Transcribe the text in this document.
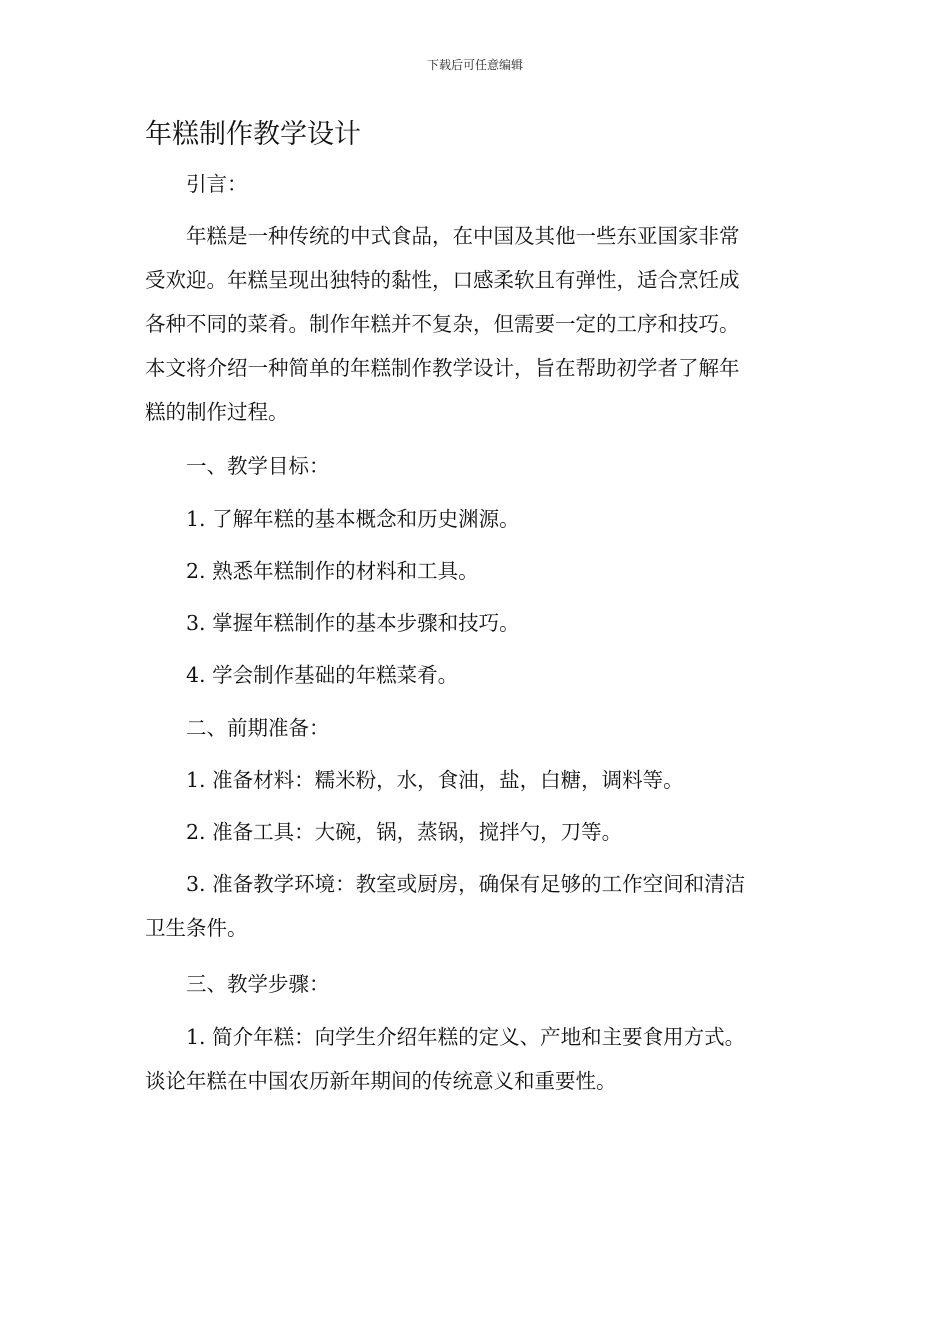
下载后可任意编辑
年糕制作教学设计

引言：

年糕是一种传统的中式食品，在中国及其他一些东亚国家非常
受欢迎。年糕呈现出独特的黏性，口感柔软且有弹性，适合烹饪成
各种不同的菜肴。制作年糕并不复杂，但需要一定的工序和技巧。
本文将介绍一种简单的年糕制作教学设计，旨在帮助初学者了解年
糕的制作过程。

一、教学目标：

1. 了解年糕的基本概念和历史渊源。

2. 熟悉年糕制作的材料和工具。

3. 掌握年糕制作的基本步骤和技巧。

4. 学会制作基础的年糕菜肴。

二、前期准备：

1. 准备材料：糯米粉，水，食油，盐，白糖，调料等。

2. 准备工具：大碗，锅，蒸锅，搅拌勺，刀等。

3. 准备教学环境：教室或厨房，确保有足够的工作空间和清洁
卫生条件。

三、教学步骤：

1. 简介年糕：向学生介绍年糕的定义、产地和主要食用方式。
谈论年糕在中国农历新年期间的传统意义和重要性。
